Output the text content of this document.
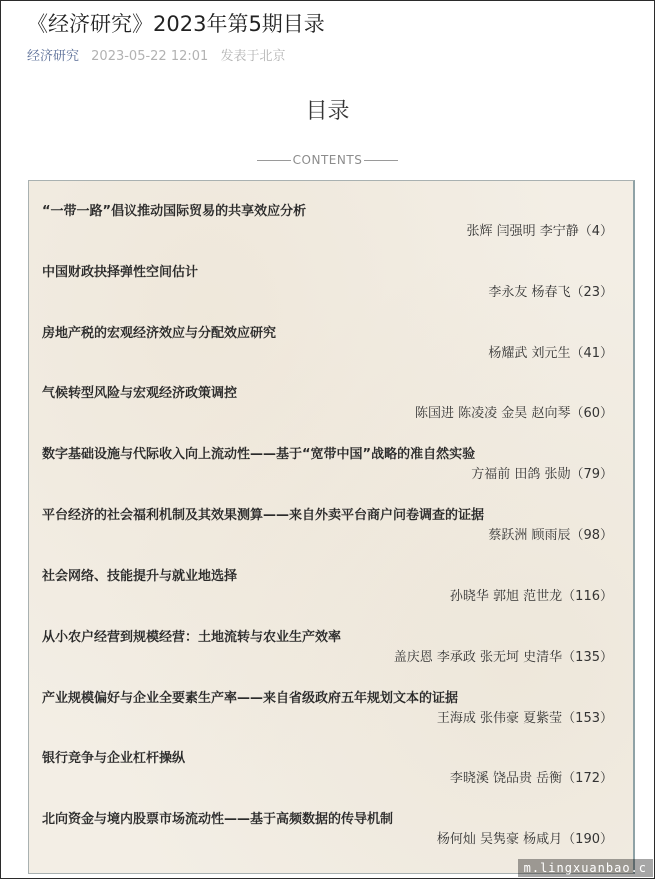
《经济研究》2023年第5期目录
经济研究 2023-05-22 12:01 发表于北京
目录
CONTENTS
“一带一路”倡议推动国际贸易的共享效应分析
张辉 闫强明 李宁静（4）
中国财政抉择弹性空间估计
李永友 杨春飞（23）
房地产税的宏观经济效应与分配效应研究
杨耀武 刘元生（41）
气候转型风险与宏观经济政策调控
陈国进 陈凌凌 金昊 赵向琴（60）
数字基础设施与代际收入向上流动性——基于“宽带中国”战略的准自然实验
方福前 田鸽 张勋（79）
平台经济的社会福利机制及其效果测算——来自外卖平台商户问卷调查的证据
蔡跃洲 顾雨辰（98）
社会网络、技能提升与就业地选择
孙晓华 郭旭 范世龙（116）
从小农户经营到规模经营：土地流转与农业生产效率
盖庆恩 李承政 张无坷 史清华（135）
产业规模偏好与企业全要素生产率——来自省级政府五年规划文本的证据
王海成 张伟豪 夏紫莹（153）
银行竞争与企业杠杆操纵
李晓溪 饶品贵 岳衡（172）
北向资金与境内股票市场流动性——基于高频数据的传导机制
杨何灿 吴隽豪 杨咸月（190）
m.lingxuanbao.c
